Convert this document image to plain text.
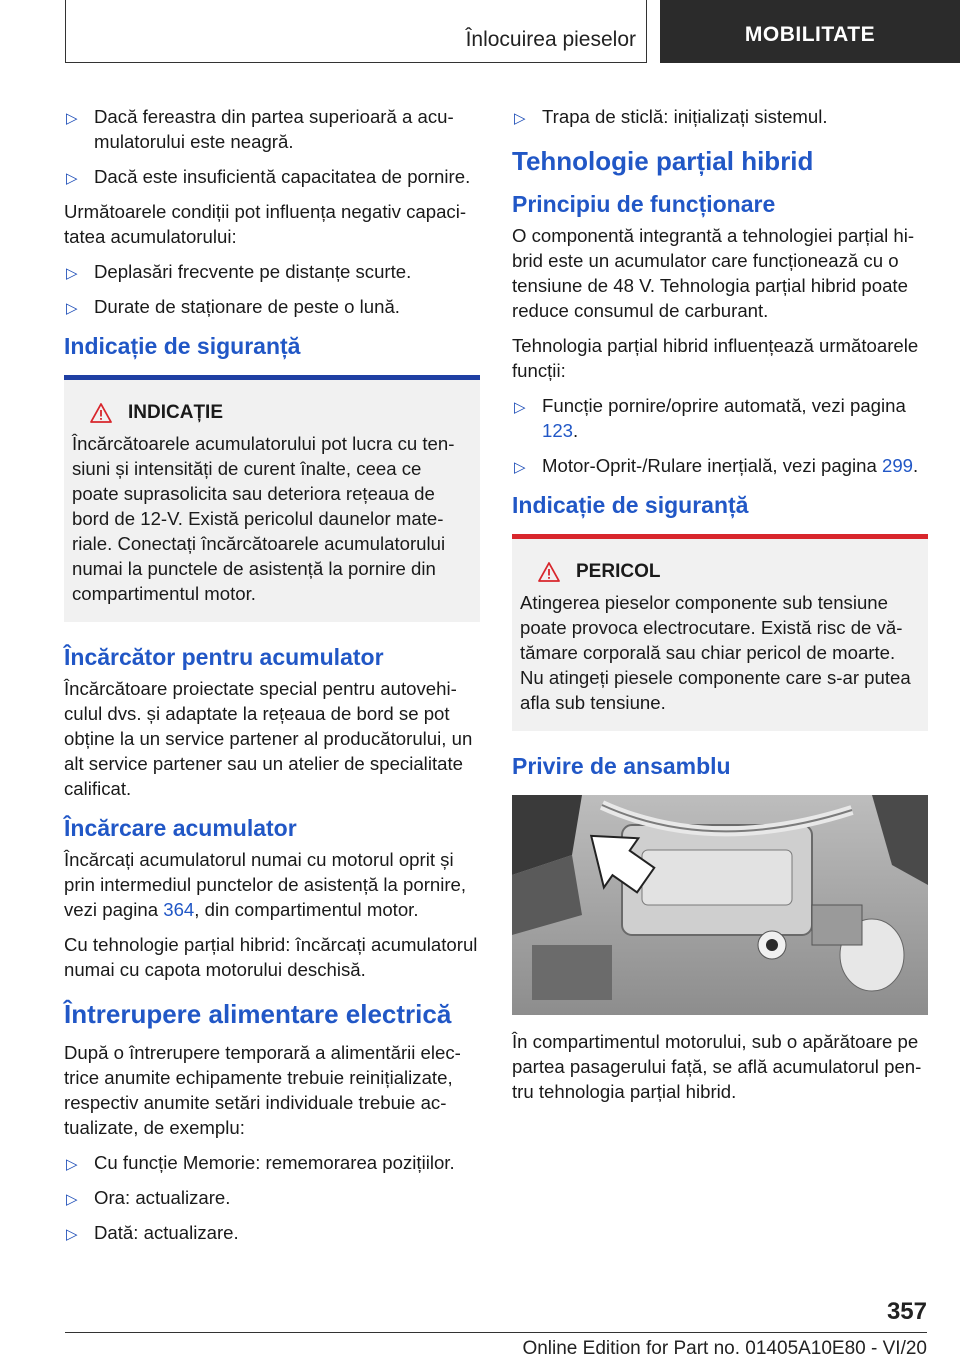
Înlocuirea pieselor	MOBILITATE
▷ Dacă fereastra din partea superioară a acumulatorului este neagră.
▷ Dacă este insuficientă capacitatea de pornire.

Următoarele condiții pot influența negativ capacitatea acumulatorului:

▷ Deplasări frecvente pe distanțe scurte.
▷ Durate de staționare de peste o lună.
Indicație de siguranță
INDICAȚIE
Încărcătoarele acumulatorului pot lucra cu tensiuni și intensități de curent înalte, ceea ce poate suprasolicita sau deteriora rețeaua de bord de 12-V. Există pericolul daunelor materiale. Conectați încărcătoarele acumulatorului numai la punctele de asistență la pornire din compartimentul motor.
Încărcător pentru acumulator

Încărcătoare proiectate special pentru autovehiculul dvs. și adaptate la rețeaua de bord se pot obține la un service partener al producătorului, un alt service partener sau un atelier de specialitate calificat.

Încărcare acumulator

Încărcați acumulatorul numai cu motorul oprit și prin intermediul punctelor de asistență la pornire, vezi pagina 364, din compartimentul motor.

Cu tehnologie parțial hibrid: încărcați acumulatorul numai cu capota motorului deschisă.

Întrerupere alimentare electrică

După o întrerupere temporară a alimentării electrice anumite echipamente trebuie reinițializate, respectiv anumite setări individuale trebuie actualizate, de exemplu:

▷ Cu funcție Memorie: rememorarea pozițiilor.
▷ Ora: actualizare.
▷ Dată: actualizare.
▷ Trapa de sticlă: inițializați sistemul.
Tehnologie parțial hibrid
Principiu de funcționare

O componentă integrantă a tehnologiei parțial hibrid este un acumulator care funcționează cu o tensiune de 48 V. Tehnologia parțial hibrid poate reduce consumul de carburant.

Tehnologia parțial hibrid influențează următoarele funcții:

▷ Funcție pornire/oprire automată, vezi pagina 123.
▷ Motor-Oprit-/Rulare inerțială, vezi pagina 299.
Indicație de siguranță
PERICOL
Atingerea pieselor componente sub tensiune poate provoca electrocutare. Există risc de vătămare corporală sau chiar pericol de moarte. Nu atingeți piesele componente care s-ar putea afla sub tensiune.
Privire de ansamblu

În compartimentul motorului, sub o apărătoare pe partea pasagerului față, se află acumulatorul pentru tehnologia parțial hibrid.

357
Online Edition for Part no. 01405A10E80 - VI/20
